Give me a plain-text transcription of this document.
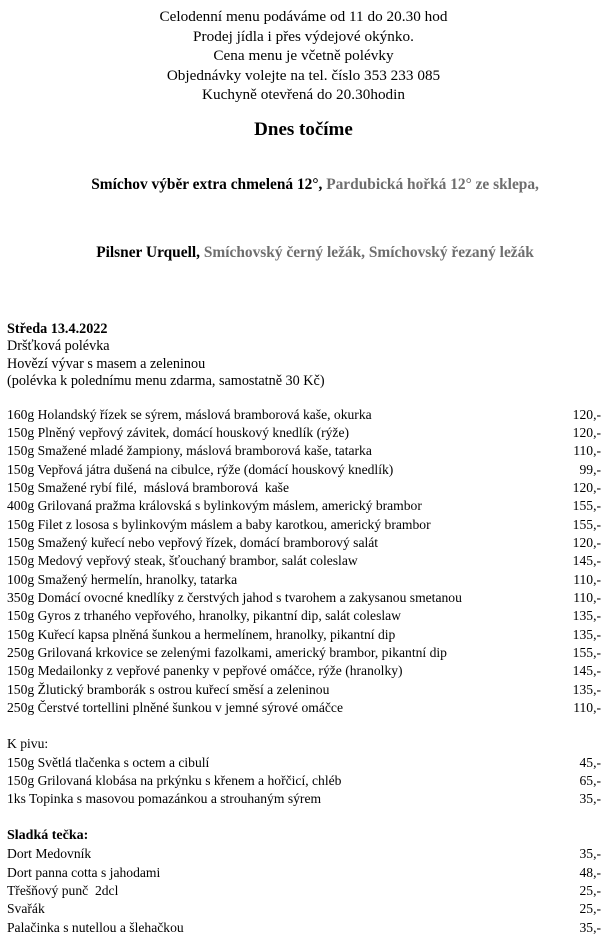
Celodenní menu podáváme od 11 do 20.30 hod
Prodej jídla i přes výdejové okýnko.
Cena menu je včetně polévky
Objednávky volejte na tel. číslo 353 233 085
Kuchyně otevřená do 20.30hodin
Dnes točíme

Smíchov výběr extra chmelená 12°, Pardubická hořká 12° ze sklepa,

Pilsner Urquell, Smíchovský černý ležák, Smíchovský řezaný ležák

Středa 13.4.2022
Dršťková polévka
Hovězí vývar s masem a zeleninou
(polévka k polednímu menu zdarma, samostatně 30 Kč)
160g Holandský řízek se sýrem, máslová bramborová kaše, okurka	120,-
150g Plněný vepřový závitek, domácí houskový knedlík (rýže)	120,-
150g Smažené mladé žampiony, máslová bramborová kaše, tatarka	110,-
150g Vepřová játra dušená na cibulce, rýže (domácí houskový knedlík)	99,-
150g Smažené rybí filé,  máslová bramborová  kaše	120,-
400g Grilovaná pražma královská s bylinkovým máslem, americký brambor	155,-
150g Filet z lososa s bylinkovým máslem a baby karotkou, americký brambor	155,-
150g Smažený kuřecí nebo vepřový řízek, domácí bramborový salát	120,-
150g Medový vepřový steak, šťouchaný brambor, salát coleslaw	145,-
100g Smažený hermelín, hranolky, tatarka	110,-
350g Domácí ovocné knedlíky z čerstvých jahod s tvarohem a zakysanou smetanou	110,-
150g Gyros z trhaného vepřového, hranolky, pikantní dip, salát coleslaw	135,-
150g Kuřecí kapsa plněná šunkou a hermelínem, hranolky, pikantní dip	135,-
250g Grilovaná krkovice se zelenými fazolkami, americký brambor, pikantní dip	155,-
150g Medailonky z vepřové panenky v pepřové omáčce, rýže (hranolky)	145,-
150g Žlutický bramborák s ostrou kuřecí směsí a zeleninou	135,-
250g Čerstvé tortellini plněné šunkou v jemné sýrové omáčce	110,-
K pivu:
150g Světlá tlačenka s octem a cibulí	45,-
150g Grilovaná klobása na prkýnku s křenem a hořčicí, chléb	65,-
1ks Topinka s masovou pomazánkou a strouhaným sýrem	35,-
Sladká tečka:
Dort Medovník	35,-
Dort panna cotta s jahodami	48,-
Třešňový punč  2dcl	25,-
Svařák	25,-
Palačinka s nutellou a šlehačkou	35,-
